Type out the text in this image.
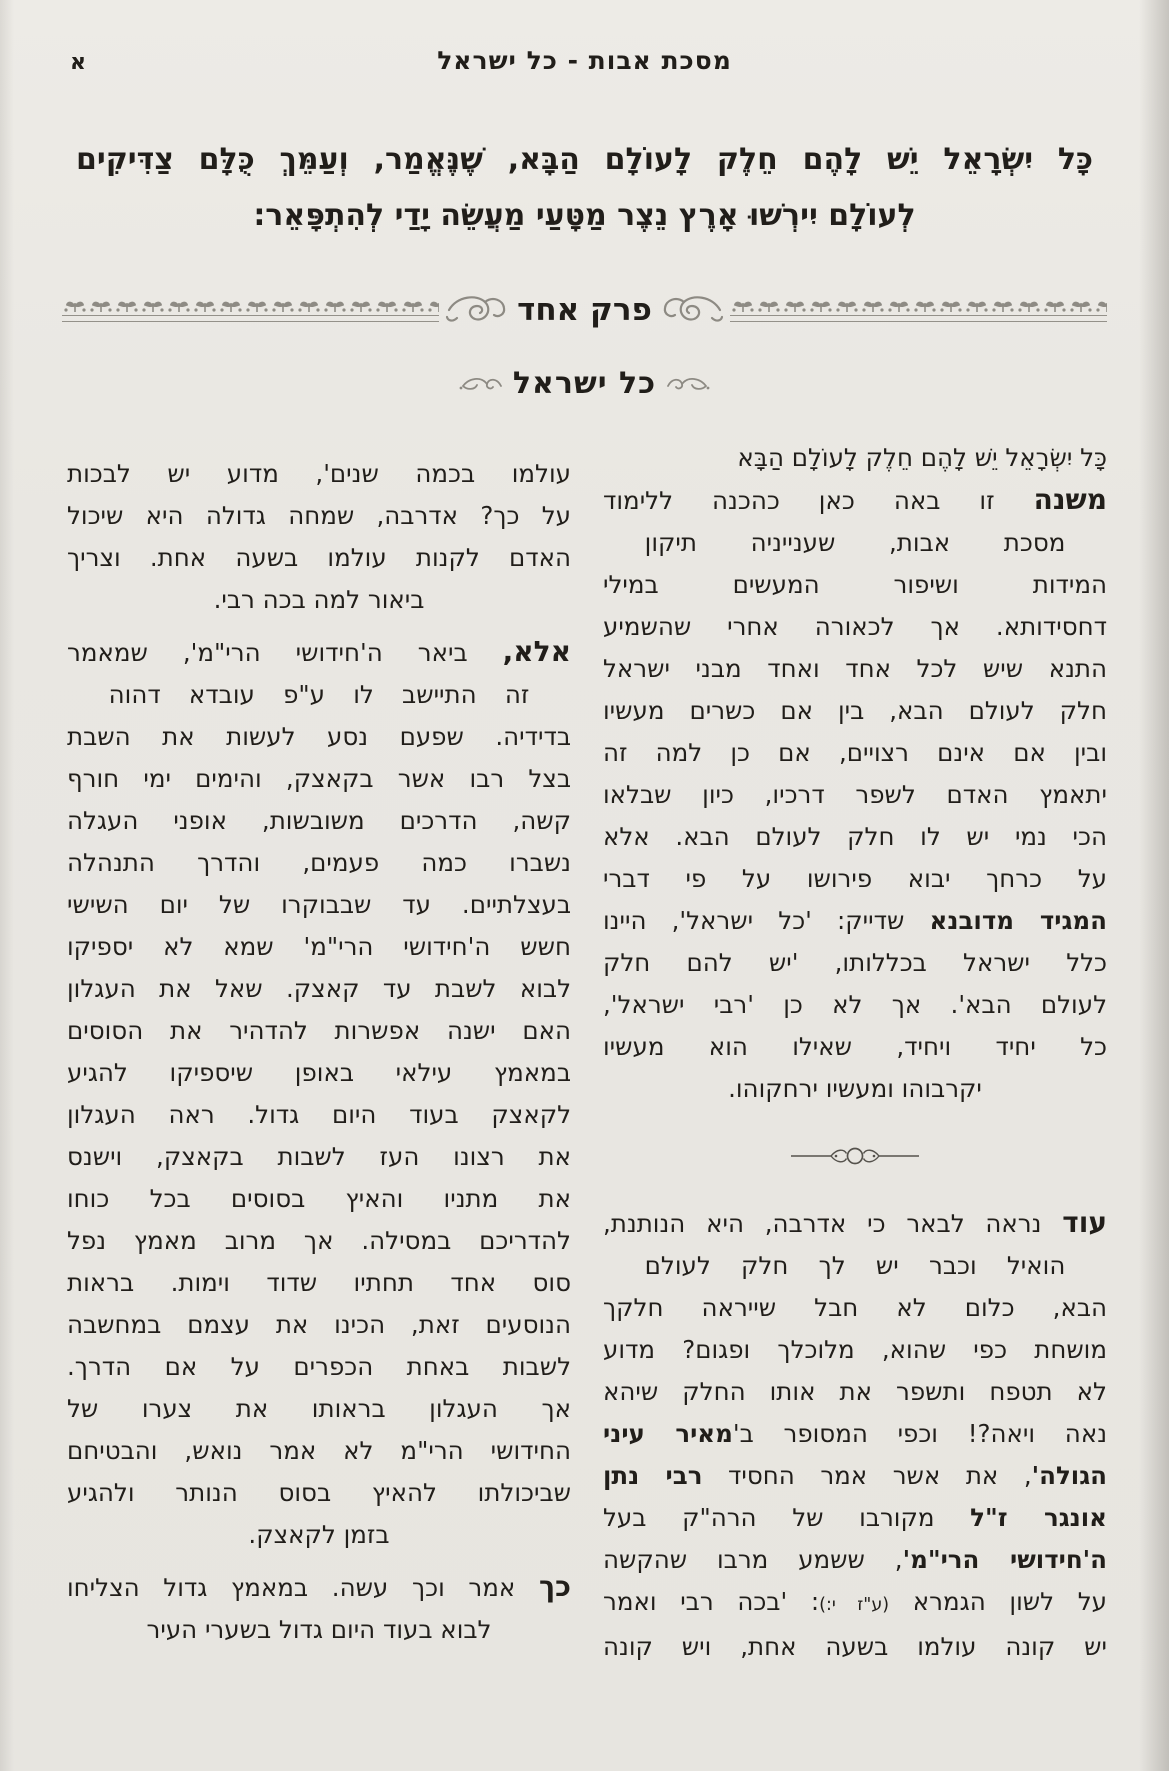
א	מסכת אבות - כל ישראל
כָּל יִשְׂרָאֵל יֵשׁ לָהֶם חֵלֶק לָעוֹלָם הַבָּא, שֶׁנֶּאֱמַר, וְעַמֵּךְ כֻּלָּם צַדִּיקִים
לְעוֹלָם יִירְשׁוּ אָרֶץ נֵצֶר מַטָּעַי מַעֲשֵׂה יָדַי לְהִתְפָּאֵר:
פרק אחד
כל ישראל
כָּל יִשְׂרָאֵל יֵשׁ לָהֶם חֵלֶק לָעוֹלָם הַבָּא
משנה זו באה כאן כהכנה ללימוד
מסכת אבות, שענייניה תיקון
המידות ושיפור המעשים במילי
דחסידותא. אך לכאורה אחרי שהשמיע
התנא שיש לכל אחד ואחד מבני ישראל
חלק לעולם הבא, בין אם כשרים מעשיו
ובין אם אינם רצויים, אם כן למה זה
יתאמץ האדם לשפר דרכיו, כיון שבלאו
הכי נמי יש לו חלק לעולם הבא. אלא
על כרחך יבוא פירושו על פי דברי
המגיד מדובנא שדייק: 'כל ישראל', היינו
כלל ישראל בכללותו, 'יש להם חלק
לעולם הבא'. אך לא כן 'רבי ישראל',
כל יחיד ויחיד, שאילו הוא מעשיו
יקרבוהו ומעשיו ירחקוהו.
עוד נראה לבאר כי אדרבה, היא הנותנת,
הואיל וכבר יש לך חלק לעולם
הבא, כלום לא חבל שייראה חלקך
מושחת כפי שהוא, מלוכלך ופגום? מדוע
לא תטפח ותשפר את אותו החלק שיהא
נאה ויאה?! וכפי המסופר ב'מאיר עיני
הגולה', את אשר אמר החסיד רבי נתן
אונגר ז"ל מקורבו של הרה"ק בעל
ה'חידושי הרי"מ', ששמע מרבו שהקשה
על לשון הגמרא (ע"ז י:): 'בכה רבי ואמר
יש קונה עולמו בשעה אחת, ויש קונה
עולמו בכמה שנים', מדוע יש לבכות
על כך? אדרבה, שמחה גדולה היא שיכול
האדם לקנות עולמו בשעה אחת. וצריך
ביאור למה בכה רבי.
אלא, ביאר ה'חידושי הרי"מ', שמאמר
זה התיישב לו ע"פ עובדא דהוה
בדידיה. שפעם נסע לעשות את השבת
בצל רבו אשר בקאצק, והימים ימי חורף
קשה, הדרכים משובשות, אופני העגלה
נשברו כמה פעמים, והדרך התנהלה
בעצלתיים. עד שבבוקרו של יום השישי
חשש ה'חידושי הרי"מ' שמא לא יספיקו
לבוא לשבת עד קאצק. שאל את העגלון
האם ישנה אפשרות להדהיר את הסוסים
במאמץ עילאי באופן שיספיקו להגיע
לקאצק בעוד היום גדול. ראה העגלון
את רצונו העז לשבות בקאצק, וישנס
את מתניו והאיץ בסוסים בכל כוחו
להדריכם במסילה. אך מרוב מאמץ נפל
סוס אחד תחתיו שדוד וימות. בראות
הנוסעים זאת, הכינו את עצמם במחשבה
לשבות באחת הכפרים על אם הדרך.
אך העגלון בראותו את צערו של
החידושי הרי"מ לא אמר נואש, והבטיחם
שביכולתו להאיץ בסוס הנותר ולהגיע
בזמן לקאצק.
כך אמר וכך עשה. במאמץ גדול הצליחו
לבוא בעוד היום גדול בשערי העיר
